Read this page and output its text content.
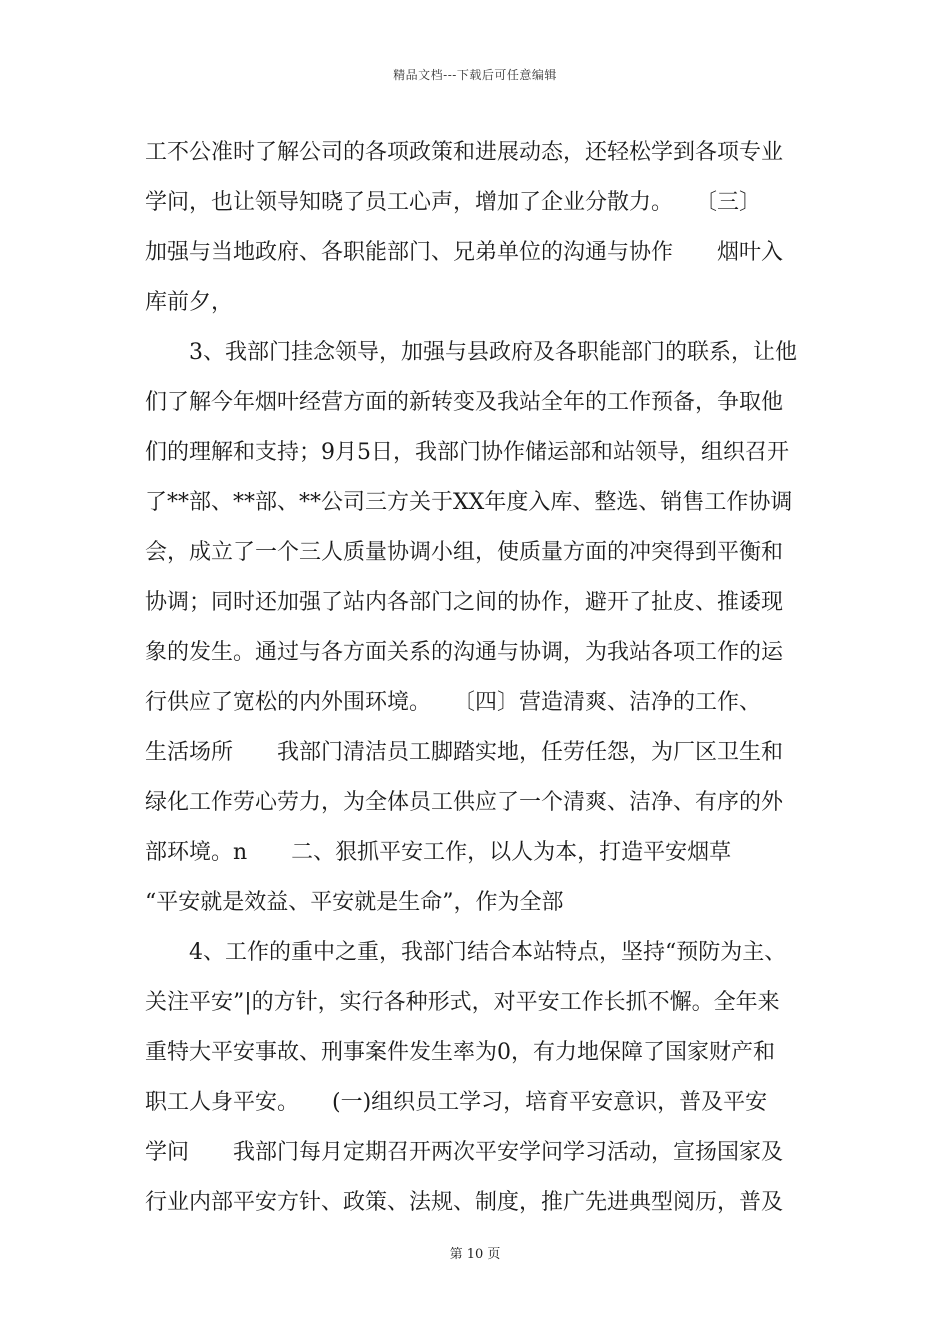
精品文档---下载后可任意编辑
工不公准时了解公司的各项政策和进展动态，还轻松学到各项专业
学问，也让领导知晓了员工心声，增加了企业分散力。　　〔三〕
加强与当地政府、各职能部门、兄弟单位的沟通与协作　　烟叶入
库前夕，
　　3、我部门挂念领导，加强与县政府及各职能部门的联系，让他
们了解今年烟叶经营方面的新转变及我站全年的工作预备，争取他
们的理解和支持；9月5日，我部门协作储运部和站领导，组织召开
了**部、**部、**公司三方关于XX年度入库、整选、销售工作协调
会，成立了一个三人质量协调小组，使质量方面的冲突得到平衡和
协调；同时还加强了站内各部门之间的协作，避开了扯皮、推诿现
象的发生。通过与各方面关系的沟通与协调，为我站各项工作的运
行供应了宽松的内外围环境。　　〔四〕营造清爽、洁净的工作、
生活场所　　我部门清洁员工脚踏实地，任劳任怨，为厂区卫生和
绿化工作劳心劳力，为全体员工供应了一个清爽、洁净、有序的外
部环境。n　　二、狠抓平安工作，以人为本，打造平安烟草　
“平安就是效益、平安就是生命”，作为全部
　　4、工作的重中之重，我部门结合本站特点，坚持“预防为主、
关注平安”|的方针，实行各种形式，对平安工作长抓不懈。全年来
重特大平安事故、刑事案件发生率为0，有力地保障了国家财产和
职工人身平安。　　(一)组织员工学习，培育平安意识，普及平安
学问　　我部门每月定期召开两次平安学问学习活动，宣扬国家及
行业内部平安方针、政策、法规、制度，推广先进典型阅历，普及
第 10 页
